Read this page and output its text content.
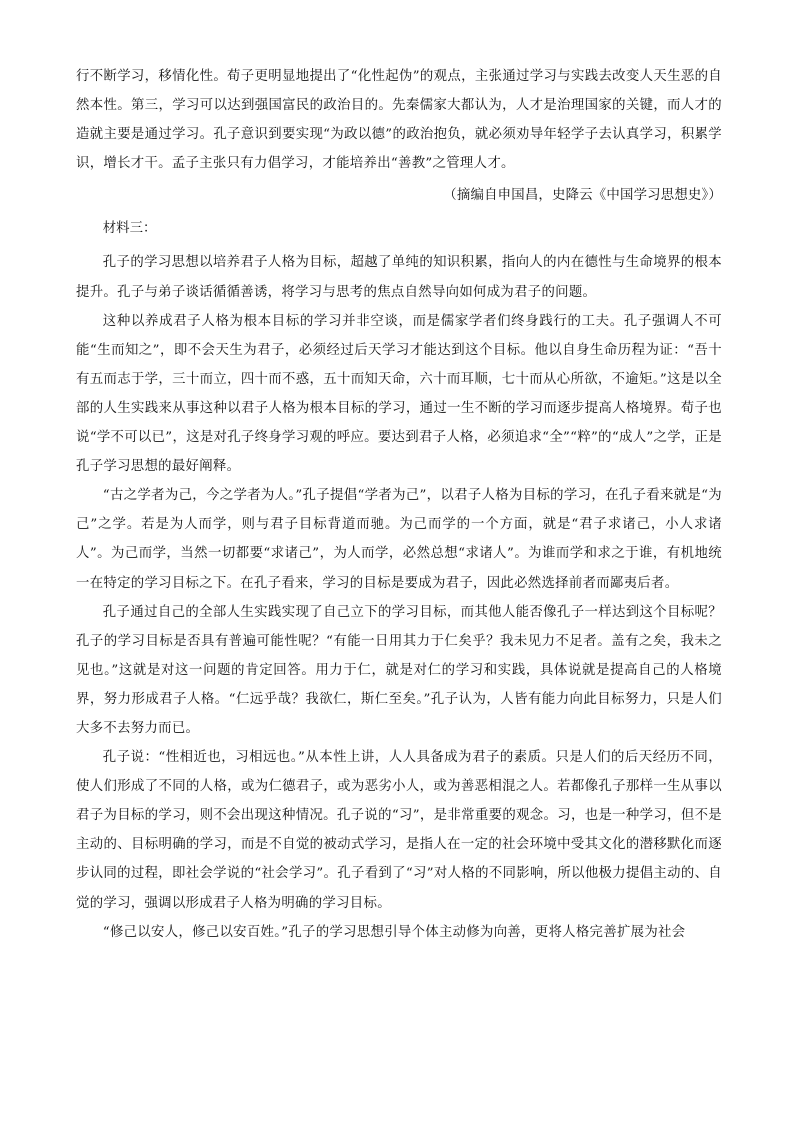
行不断学习，移情化性。荀子更明显地提出了“化性起伪”的观点，主张通过学习与实践去改变人天生恶的自然本性。第三，学习可以达到强国富民的政治目的。先秦儒家大都认为，人才是治理国家的关键，而人才的造就主要是通过学习。孔子意识到要实现“为政以德”的政治抱负，就必须劝导年轻学子去认真学习，积累学识，增长才干。孟子主张只有力倡学习，才能培养出“善教”之管理人才。

（摘编自申国昌，史降云《中国学习思想史》）

材料三：

孔子的学习思想以培养君子人格为目标，超越了单纯的知识积累，指向人的内在德性与生命境界的根本提升。孔子与弟子谈话循循善诱，将学习与思考的焦点自然导向如何成为君子的问题。

这种以养成君子人格为根本目标的学习并非空谈，而是儒家学者们终身践行的工夫。孔子强调人不可能“生而知之”，即不会天生为君子，必须经过后天学习才能达到这个目标。他以自身生命历程为证：“吾十有五而志于学，三十而立，四十而不惑，五十而知天命，六十而耳顺，七十而从心所欲，不逾矩。”这是以全部的人生实践来从事这种以君子人格为根本目标的学习，通过一生不断的学习而逐步提高人格境界。荀子也说“学不可以已”，这是对孔子终身学习观的呼应。要达到君子人格，必须追求“全”“粹”的“成人”之学，正是孔子学习思想的最好阐释。

“古之学者为己，今之学者为人。”孔子提倡“学者为己”，以君子人格为目标的学习，在孔子看来就是“为己”之学。若是为人而学，则与君子目标背道而驰。为己而学的一个方面，就是“君子求诸己，小人求诸人”。为己而学，当然一切都要“求诸己”，为人而学，必然总想“求诸人”。为谁而学和求之于谁，有机地统一在特定的学习目标之下。在孔子看来，学习的目标是要成为君子，因此必然选择前者而鄙夷后者。

孔子通过自己的全部人生实践实现了自己立下的学习目标，而其他人能否像孔子一样达到这个目标呢？孔子的学习目标是否具有普遍可能性呢？“有能一日用其力于仁矣乎？我未见力不足者。盖有之矣，我未之见也。”这就是对这一问题的肯定回答。用力于仁，就是对仁的学习和实践，具体说就是提高自己的人格境界，努力形成君子人格。“仁远乎哉？我欲仁，斯仁至矣。”孔子认为，人皆有能力向此目标努力，只是人们大多不去努力而已。

孔子说：“性相近也，习相远也。”从本性上讲，人人具备成为君子的素质。只是人们的后天经历不同，使人们形成了不同的人格，或为仁德君子，或为恶劣小人，或为善恶相混之人。若都像孔子那样一生从事以君子为目标的学习，则不会出现这种情况。孔子说的“习”，是非常重要的观念。习，也是一种学习，但不是主动的、目标明确的学习，而是不自觉的被动式学习，是指人在一定的社会环境中受其文化的潜移默化而逐步认同的过程，即社会学说的“社会学习”。孔子看到了“习”对人格的不同影响，所以他极力提倡主动的、自觉的学习，强调以形成君子人格为明确的学习目标。

“修己以安人，修己以安百姓。”孔子的学习思想引导个体主动修为向善，更将人格完善扩展为社会
